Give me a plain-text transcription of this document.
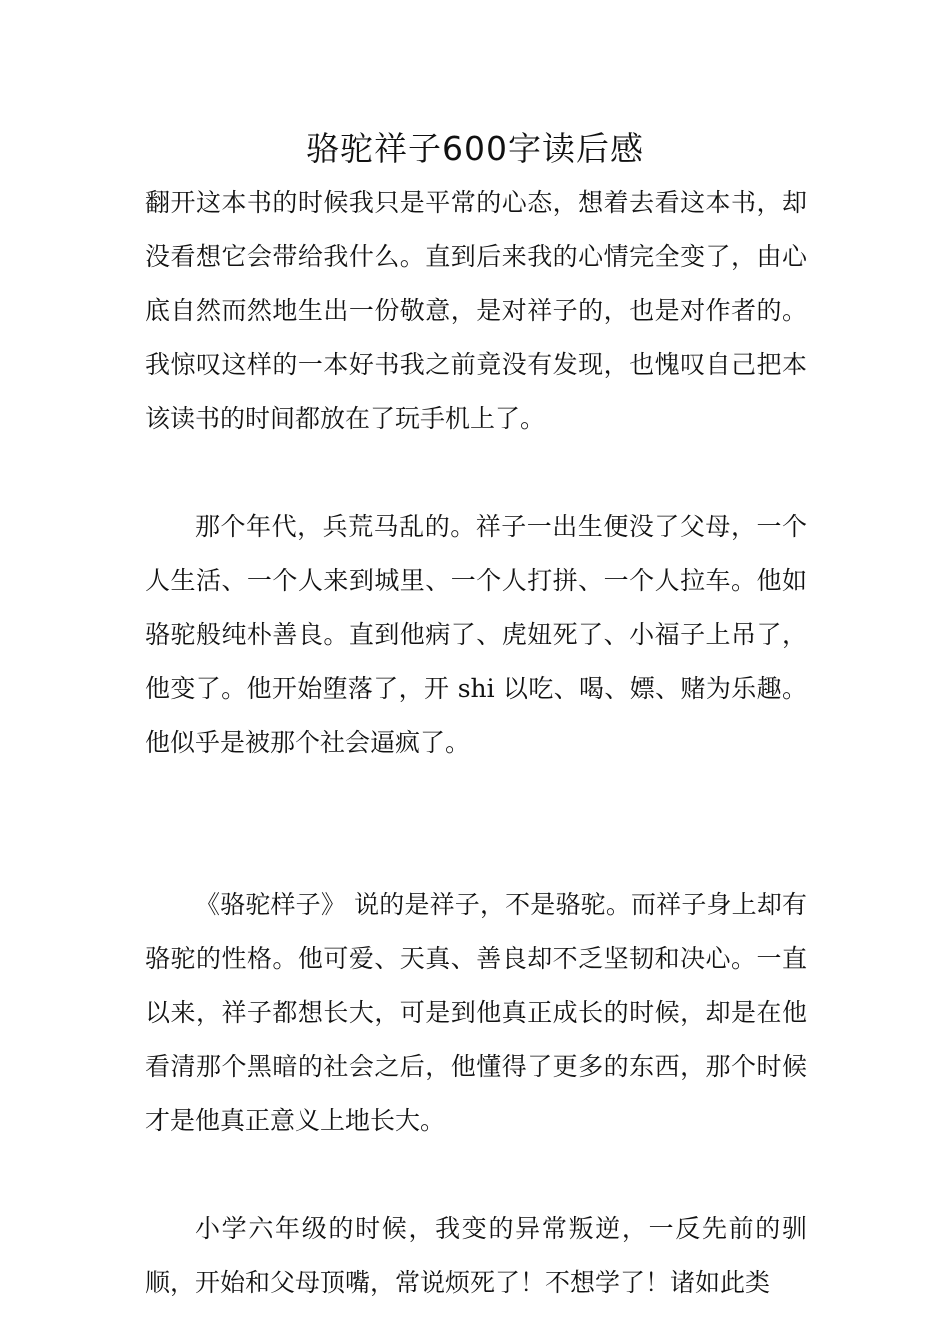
骆驼祥子600字读后感

翻开这本书的时候我只是平常的心态，想着去看这本书，却没看想它会带给我什么。直到后来我的心情完全变了，由心底自然而然地生出一份敬意，是对祥子的，也是对作者的。我惊叹这样的一本好书我之前竟没有发现，也愧叹自己把本该读书的时间都放在了玩手机上了。

那个年代，兵荒马乱的。祥子一出生便没了父母，一个人生活、一个人来到城里、一个人打拼、一个人拉车。他如骆驼般纯朴善良。直到他病了、虎妞死了、小福子上吊了，他变了。他开始堕落了，开 shi 以吃、喝、嫖、赌为乐趣。他似乎是被那个社会逼疯了。

《骆驼样子》 说的是祥子，不是骆驼。而祥子身上却有骆驼的性格。他可爱、天真、善良却不乏坚韧和决心。一直以来，祥子都想长大，可是到他真正成长的时候，却是在他看清那个黑暗的社会之后，他懂得了更多的东西，那个时候才是他真正意义上地长大。

小学六年级的时候，我变的异常叛逆，一反先前的驯顺，开始和父母顶嘴，常说烦死了！不想学了！诸如此类
